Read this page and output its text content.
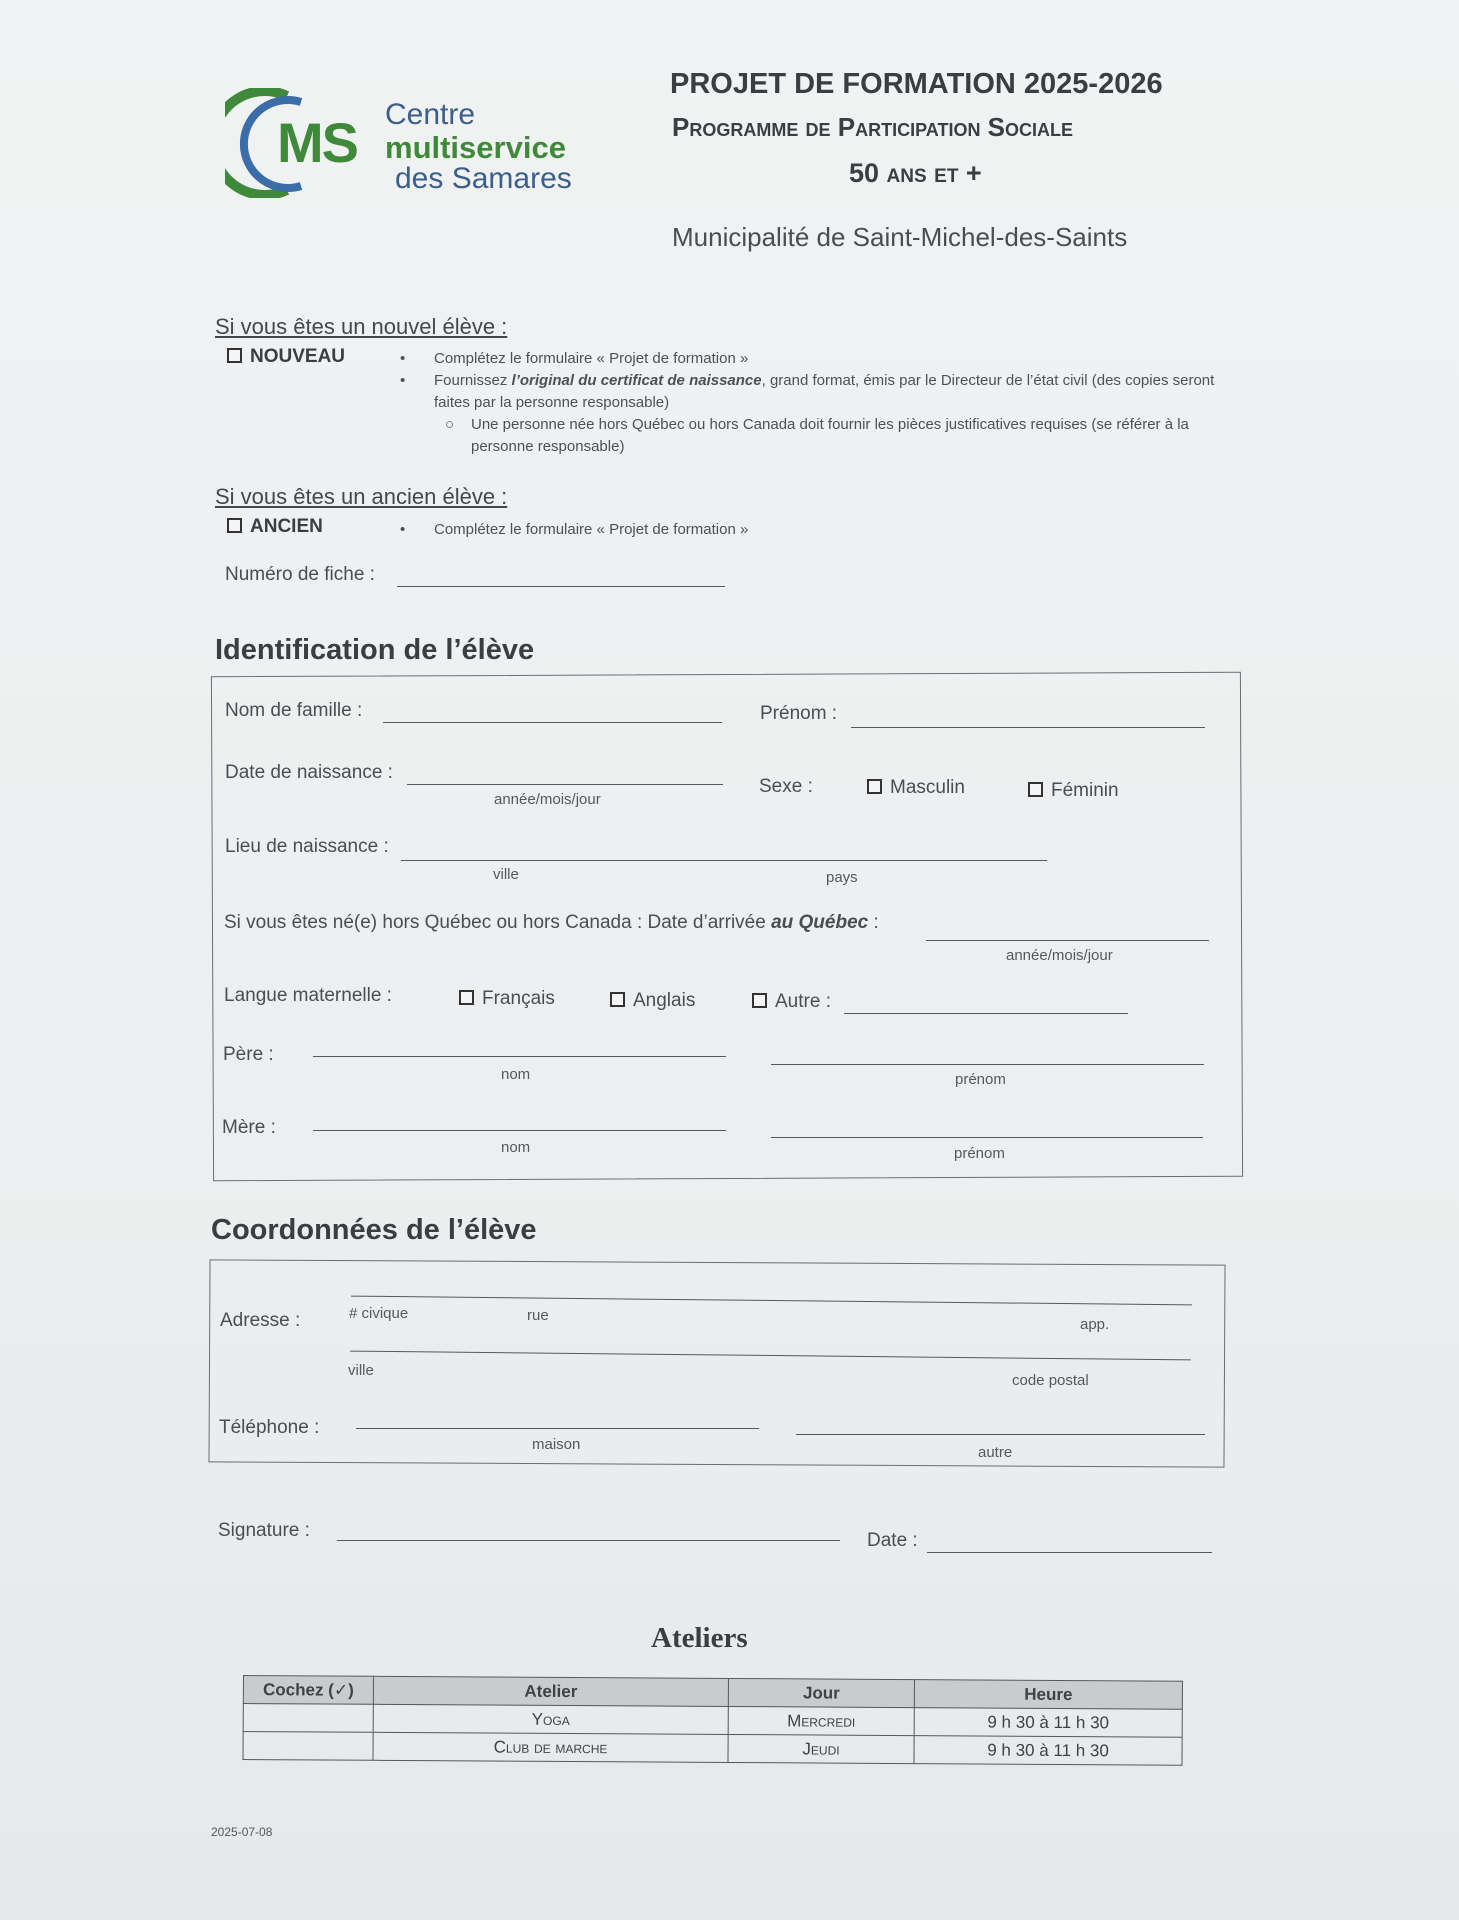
MS Centre
multiservice
des Samares
PROJET DE FORMATION 2025-2026
Programme de Participation Sociale
50 ans et +
Municipalité de Saint-Michel-des-Saints
Si vous êtes un nouvel élève :
NOUVEAU	• Complétez le formulaire « Projet de formation »
• Fournissez l’original du certificat de naissance, grand format, émis par le Directeur de l’état civil (des copies seront
faites par la personne responsable)
○ Une personne née hors Québec ou hors Canada doit fournir les pièces justificatives requises (se référer à la
personne responsable)
Si vous êtes un ancien élève :
ANCIEN	• Complétez le formulaire « Projet de formation »
Numéro de fiche :
Identification de l’élève
Nom de famille :	Prénom :
Date de naissance :
année/mois/jour
Sexe :	Masculin	Féminin
Lieu de naissance :
ville	pays
Si vous êtes né(e) hors Québec ou hors Canada : Date d’arrivée au Québec :
année/mois/jour
Langue maternelle :	Français	Anglais	Autre :
Père :
nom	prénom
Mère :
nom	prénom
Coordonnées de l’élève
Adresse :	# civique	rue
app.
ville
code postal
Téléphone :
maison	autre
Signature :	Date :
Ateliers
Cochez (✓)	Atelier	Jour	Heure
	Yoga	Mercredi	9 h 30 à 11 h 30
	Club de marche	Jeudi	9 h 30 à 11 h 30
2025-07-08
